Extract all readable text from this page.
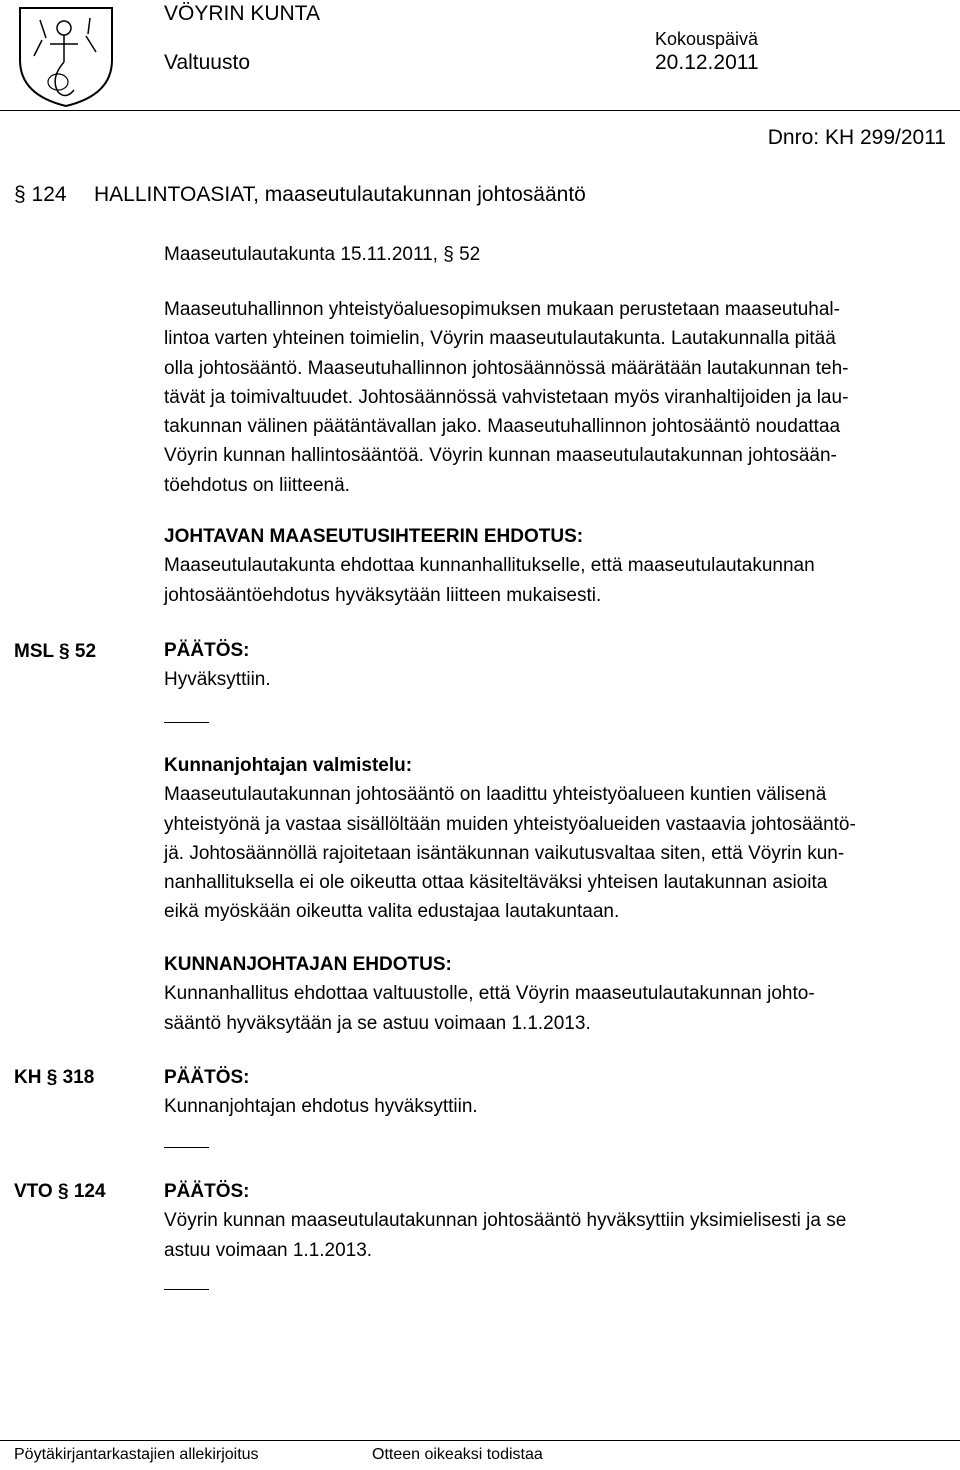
VÖYRIN KUNTA
Valtuusto
Kokouspäivä
20.12.2011
Dnro: KH 299/2011
§ 124 HALLINTOASIAT, maaseutulautakunnan johtosääntö
Maaseutulautakunta 15.11.2011, § 52
Maaseutuhallinnon yhteistyöaluesopimuksen mukaan perustetaan maaseutuhal-
lintoa varten yhteinen toimielin, Vöyrin maaseutulautakunta. Lautakunnalla pitää
olla johtosääntö. Maaseutuhallinnon johtosäännössä määrätään lautakunnan teh-
tävät ja toimivaltuudet. Johtosäännössä vahvistetaan myös viranhaltijoiden ja lau-
takunnan välinen päätäntävallan jako. Maaseutuhallinnon johtosääntö noudattaa
Vöyrin kunnan hallintosääntöä. Vöyrin kunnan maaseutulautakunnan johtosään-
töehdotus on liitteenä.
JOHTAVAN MAASEUTUSIHTEERIN EHDOTUS:
Maaseutulautakunta ehdottaa kunnanhallitukselle, että maaseutulautakunnan
johtosääntöehdotus hyväksytään liitteen mukaisesti.
MSL § 52	PÄÄTÖS:
Hyväksyttiin.
Kunnanjohtajan valmistelu:
Maaseutulautakunnan johtosääntö on laadittu yhteistyöalueen kuntien välisenä
yhteistyönä ja vastaa sisällöltään muiden yhteistyöalueiden vastaavia johtosääntö-
jä. Johtosäännöllä rajoitetaan isäntäkunnan vaikutusvaltaa siten, että Vöyrin kun-
nanhallituksella ei ole oikeutta ottaa käsiteltäväksi yhteisen lautakunnan asioita
eikä myöskään oikeutta valita edustajaa lautakuntaan.
KUNNANJOHTAJAN EHDOTUS:
Kunnanhallitus ehdottaa valtuustolle, että Vöyrin maaseutulautakunnan johto-
sääntö hyväksytään ja se astuu voimaan 1.1.2013.
KH § 318	PÄÄTÖS:
Kunnanjohtajan ehdotus hyväksyttiin.
VTO § 124	PÄÄTÖS:
Vöyrin kunnan maaseutulautakunnan johtosääntö hyväksyttiin yksimielisesti ja se
astuu voimaan 1.1.2013.
Pöytäkirjantarkastajien allekirjoitus	Otteen oikeaksi todistaa
